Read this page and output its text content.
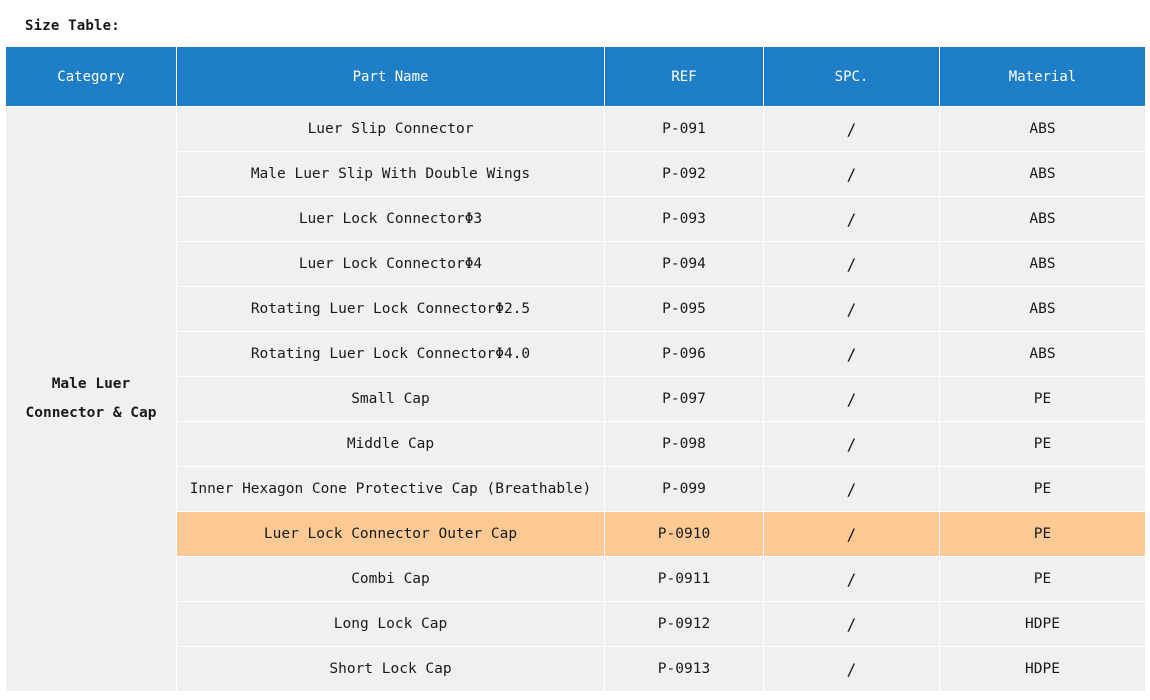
Size Table:
Category	Part Name	REF	SPC.	Material

Male Luer
Connector & Cap	Luer Slip Connector	P-091	/	ABS
	Male Luer Slip With Double Wings	P-092	/	ABS
	Luer Lock ConnectorΦ3	P-093	/	ABS
	Luer Lock ConnectorΦ4	P-094	/	ABS
	Rotating Luer Lock ConnectorΦ2.5	P-095	/	ABS
	Rotating Luer Lock ConnectorΦ4.0	P-096	/	ABS
	Small Cap	P-097	/	PE
	Middle Cap	P-098	/	PE
	Inner Hexagon Cone Protective Cap (Breathable)	P-099	/	PE
	Luer Lock Connector Outer Cap	P-0910	/	PE
	Combi Cap	P-0911	/	PE
	Long Lock Cap	P-0912	/	HDPE
	Short Lock Cap	P-0913	/	HDPE
